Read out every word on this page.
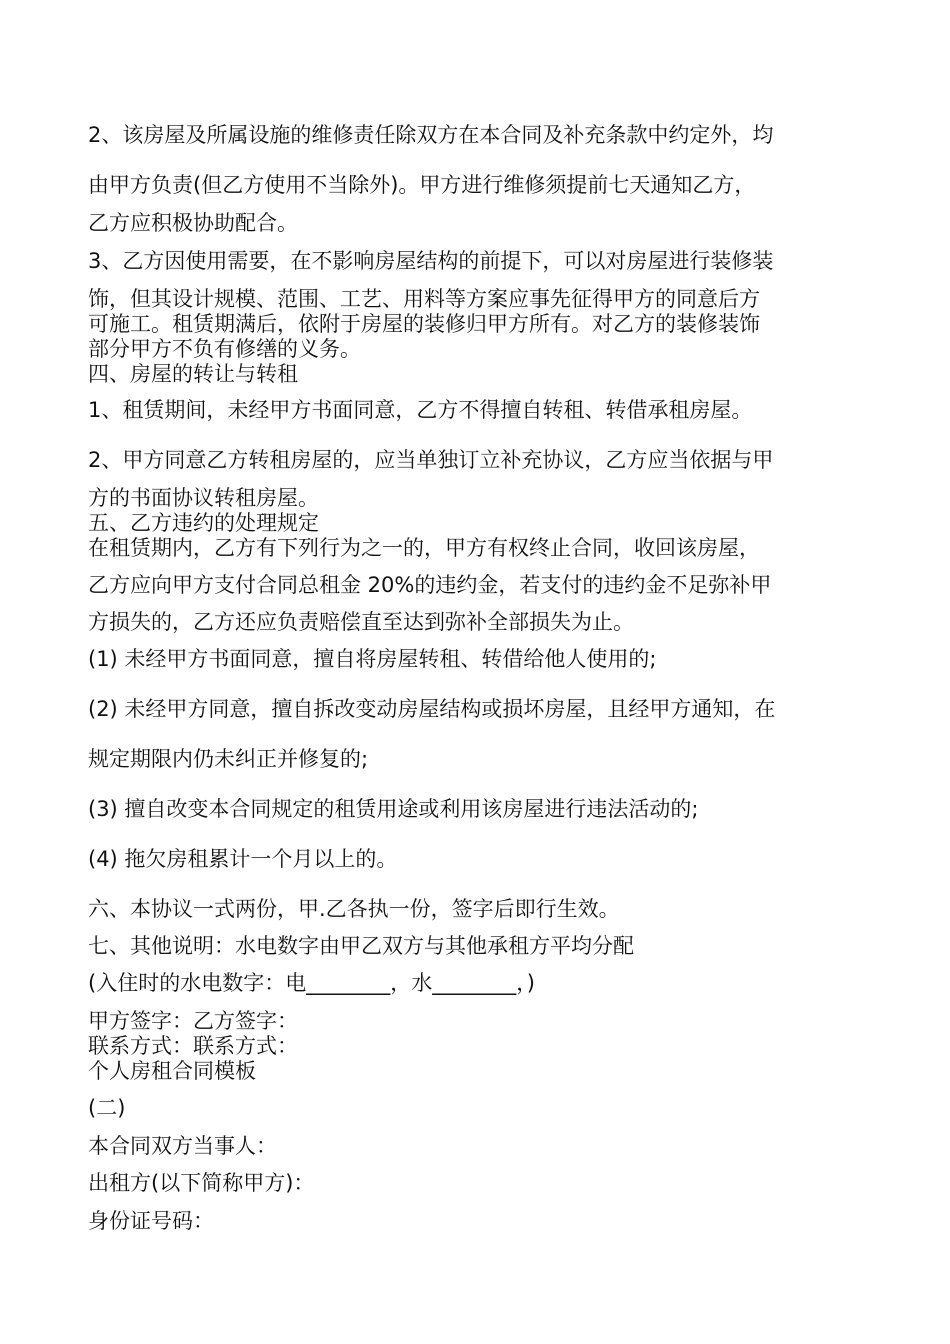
2、该房屋及所属设施的维修责任除双方在本合同及补充条款中约定外，均
由甲方负责(但乙方使用不当除外)。甲方进行维修须提前七天通知乙方，
乙方应积极协助配合。
3、乙方因使用需要，在不影响房屋结构的前提下，可以对房屋进行装修装
饰，但其设计规模、范围、工艺、用料等方案应事先征得甲方的同意后方
可施工。租赁期满后，依附于房屋的装修归甲方所有。对乙方的装修装饰
部分甲方不负有修缮的义务。
四、房屋的转让与转租
1、租赁期间，未经甲方书面同意，乙方不得擅自转租、转借承租房屋。
2、甲方同意乙方转租房屋的，应当单独订立补充协议，乙方应当依据与甲
方的书面协议转租房屋。
五、乙方违约的处理规定
在租赁期内，乙方有下列行为之一的，甲方有权终止合同，收回该房屋，
乙方应向甲方支付合同总租金 20%的违约金，若支付的违约金不足弥补甲
方损失的，乙方还应负责赔偿直至达到弥补全部损失为止。
(1) 未经甲方书面同意，擅自将房屋转租、转借给他人使用的;
(2) 未经甲方同意，擅自拆改变动房屋结构或损坏房屋，且经甲方通知，在
规定期限内仍未纠正并修复的;
(3) 擅自改变本合同规定的租赁用途或利用该房屋进行违法活动的;
(4) 拖欠房租累计一个月以上的。
六、本协议一式两份，甲.乙各执一份，签字后即行生效。
七、其他说明：水电数字由甲乙双方与其他承租方平均分配
(入住时的水电数字：电________，水________，)
甲方签字：乙方签字：
联系方式：联系方式：
个人房租合同模板
(二)
本合同双方当事人：
出租方(以下简称甲方)：
身份证号码：
